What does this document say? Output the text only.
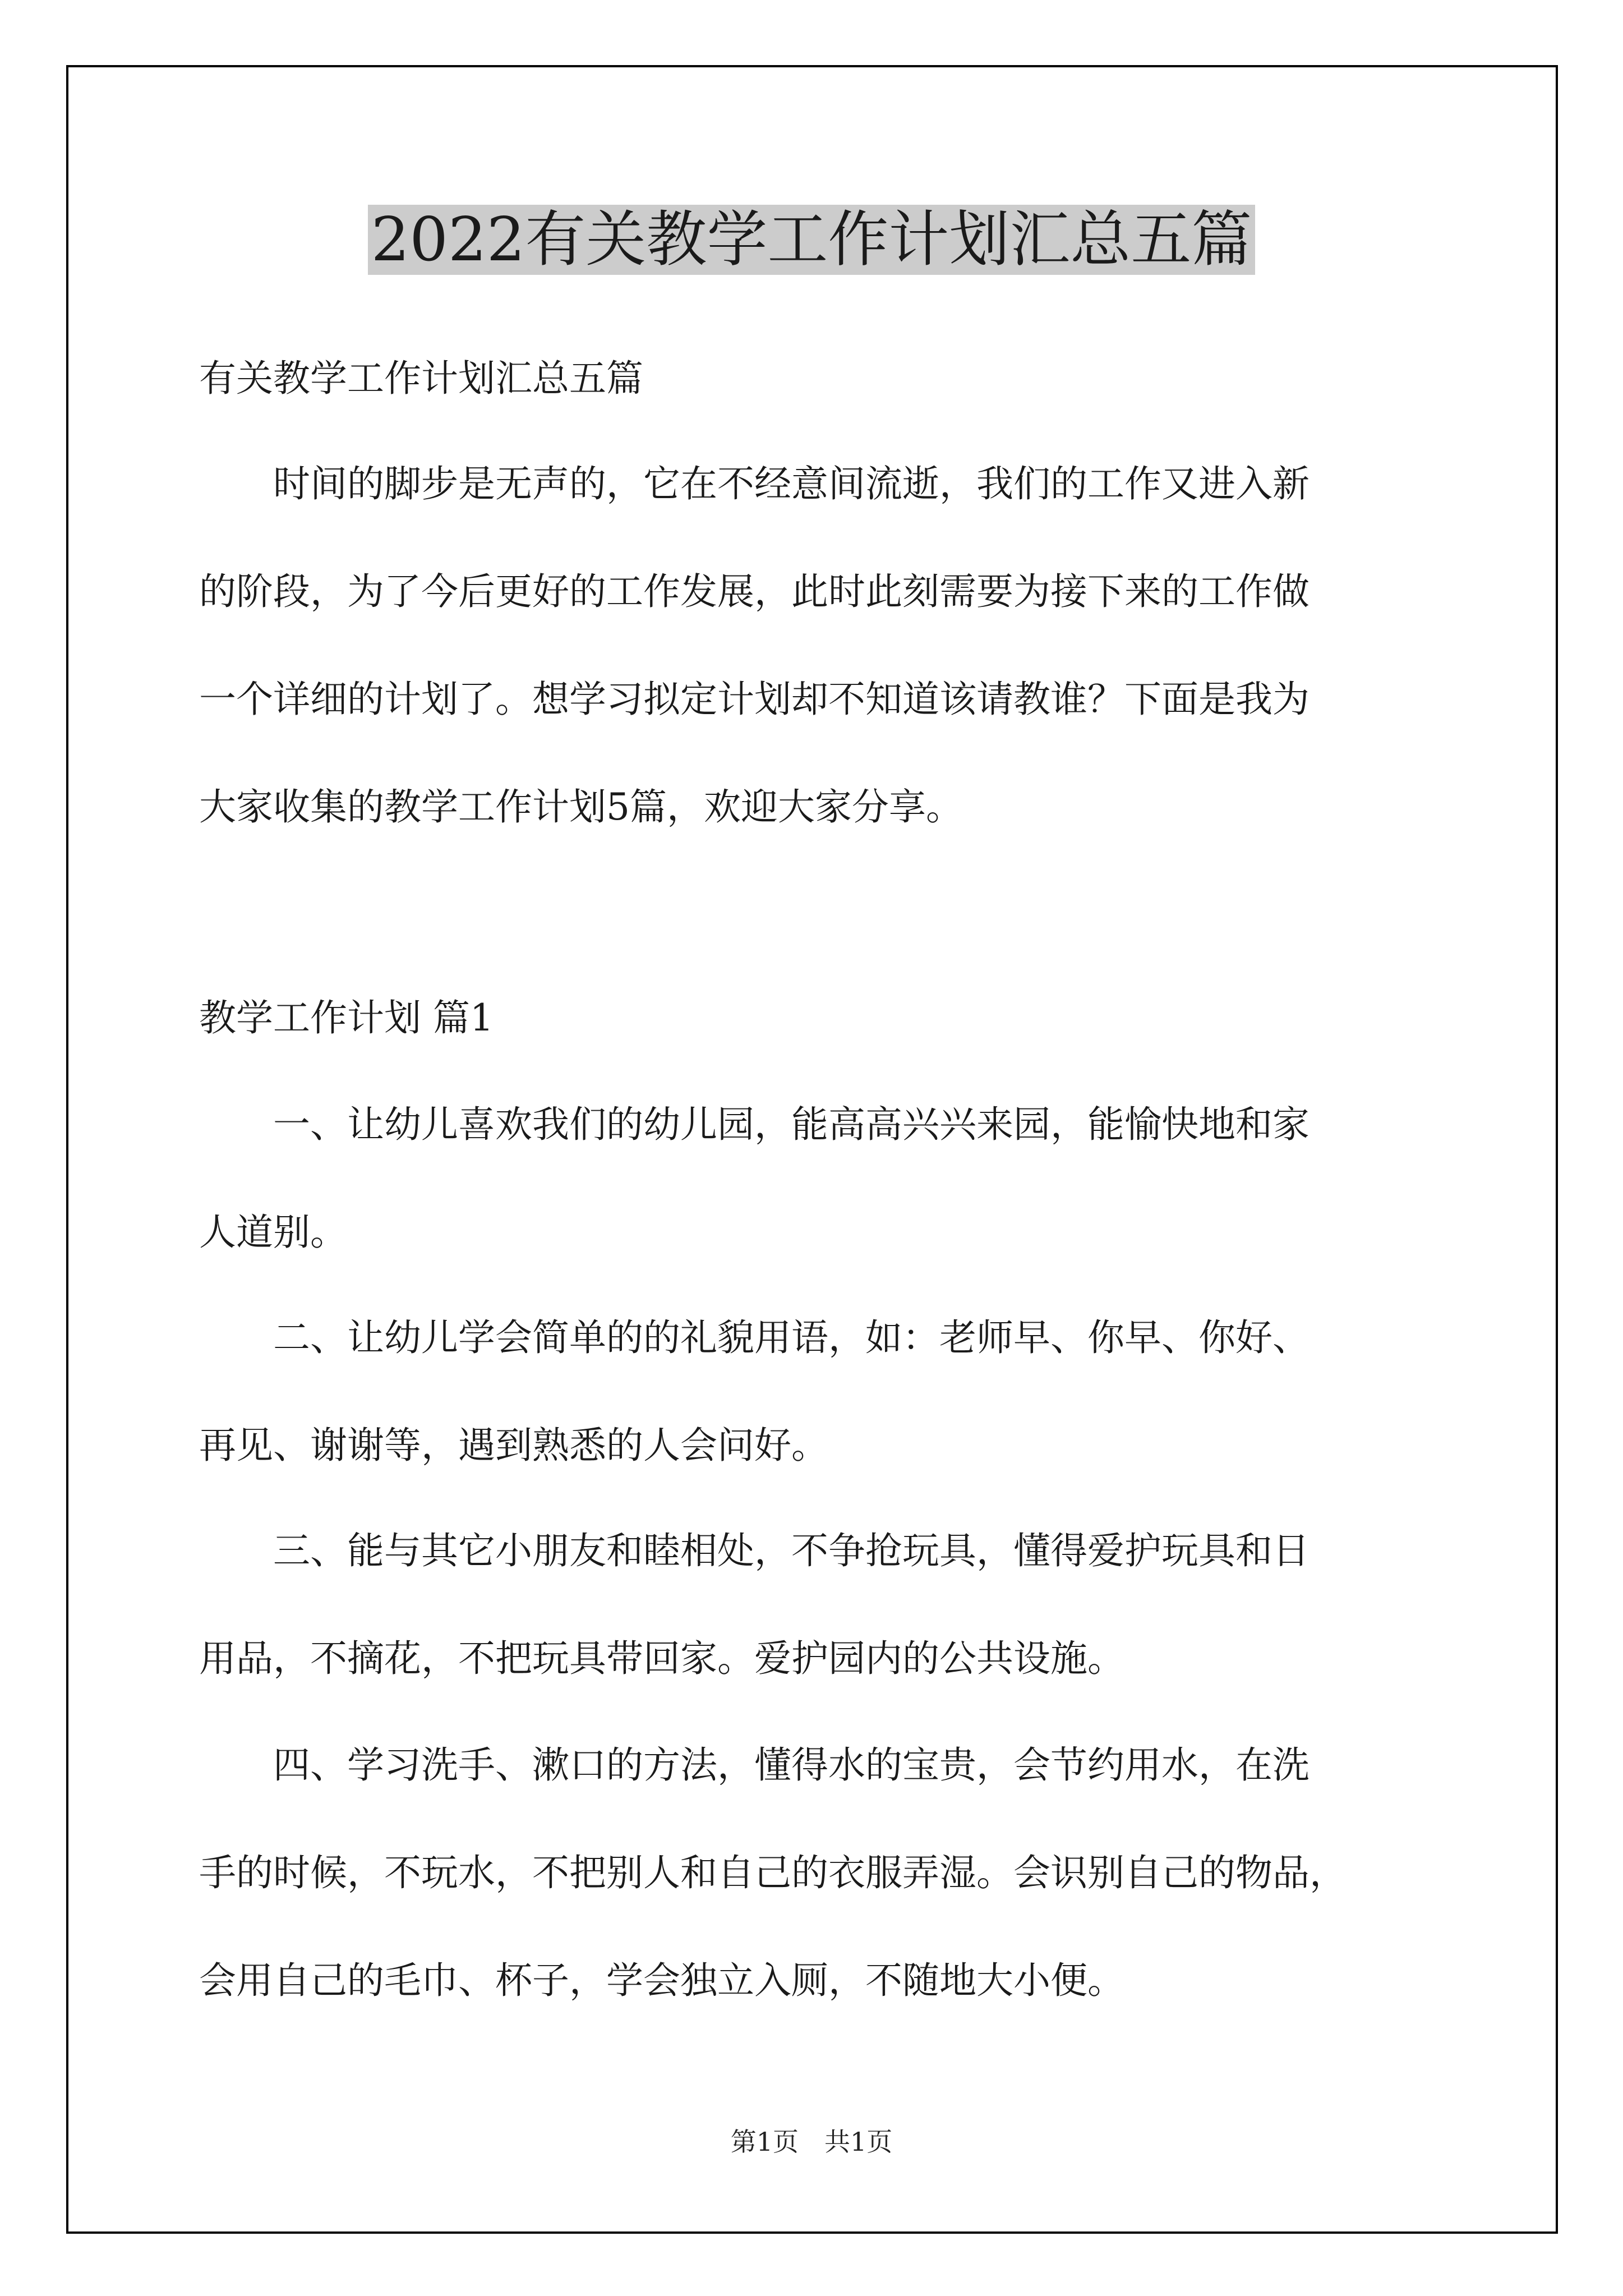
2022有关教学工作计划汇总五篇

有关教学工作计划汇总五篇

　　时间的脚步是无声的，它在不经意间流逝，我们的工作又进入新

的阶段，为了今后更好的工作发展，此时此刻需要为接下来的工作做

一个详细的计划了。想学习拟定计划却不知道该请教谁？下面是我为

大家收集的教学工作计划5篇，欢迎大家分享。

教学工作计划 篇1

　　一、让幼儿喜欢我们的幼儿园，能高高兴兴来园，能愉快地和家

人道别。

　　二、让幼儿学会简单的的礼貌用语，如：老师早、你早、你好、

再见、谢谢等，遇到熟悉的人会问好。

　　三、能与其它小朋友和睦相处，不争抢玩具，懂得爱护玩具和日

用品，不摘花，不把玩具带回家。爱护园内的公共设施。

　　四、学习洗手、漱口的方法，懂得水的宝贵，会节约用水，在洗

手的时候，不玩水，不把别人和自己的衣服弄湿。会识别自己的物品，

会用自己的毛巾、杯子，学会独立入厕，不随地大小便。

第1页　共1页
